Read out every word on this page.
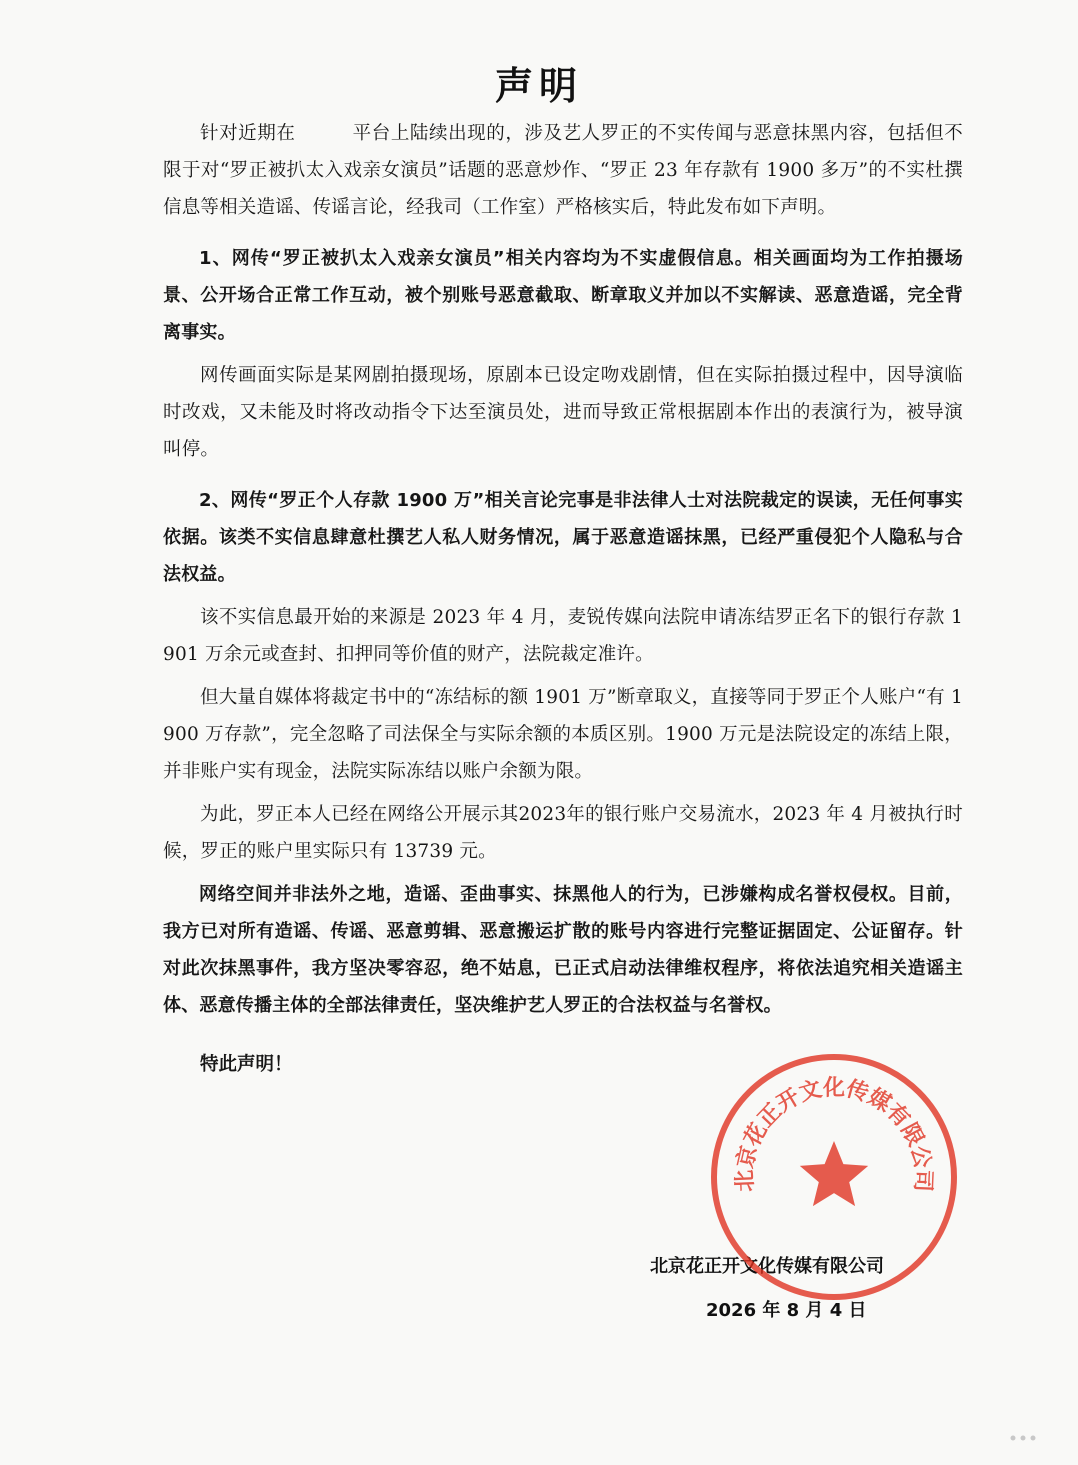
声明

针对近期在　　　平台上陆续出现的，涉及艺人罗正的不实传闻与恶意抹黑内容，包括但不限于对“罗正被扒太入戏亲女演员”话题的恶意炒作、“罗正 23 年存款有 1900 多万”的不实杜撰信息等相关造谣、传谣言论，经我司（工作室）严格核实后，特此发布如下声明。

1、网传“罗正被扒太入戏亲女演员”相关内容均为不实虚假信息。相关画面均为工作拍摄场景、公开场合正常工作互动，被个别账号恶意截取、断章取义并加以不实解读、恶意造谣，完全背离事实。

网传画面实际是某网剧拍摄现场，原剧本已设定吻戏剧情，但在实际拍摄过程中，因导演临时改戏，又未能及时将改动指令下达至演员处，进而导致正常根据剧本作出的表演行为，被导演叫停。

2、网传“罗正个人存款 1900 万”相关言论完事是非法律人士对法院裁定的误读，无任何事实依据。该类不实信息肆意杜撰艺人私人财务情况，属于恶意造谣抹黑，已经严重侵犯个人隐私与合法权益。

该不实信息最开始的来源是 2023 年 4 月，麦锐传媒向法院申请冻结罗正名下的银行存款 1901 万余元或查封、扣押同等价值的财产，法院裁定准许。

但大量自媒体将裁定书中的“冻结标的额 1901 万”断章取义，直接等同于罗正个人账户“有 1900 万存款”，完全忽略了司法保全与实际余额的本质区别。1900 万元是法院设定的冻结上限，并非账户实有现金，法院实际冻结以账户余额为限。

为此，罗正本人已经在网络公开展示其2023年的银行账户交易流水，2023 年 4 月被执行时候，罗正的账户里实际只有 13739 元。

网络空间并非法外之地，造谣、歪曲事实、抹黑他人的行为，已涉嫌构成名誉权侵权。目前，我方已对所有造谣、传谣、恶意剪辑、恶意搬运扩散的账号内容进行完整证据固定、公证留存。针对此次抹黑事件，我方坚决零容忍，绝不姑息，已正式启动法律维权程序，将依法追究相关造谣主体、恶意传播主体的全部法律责任，坚决维护艺人罗正的合法权益与名誉权。

特此声明！
北京花正开文化传媒有限公司
2026 年 8 月 4 日
北京花正开文化传媒有限公司
